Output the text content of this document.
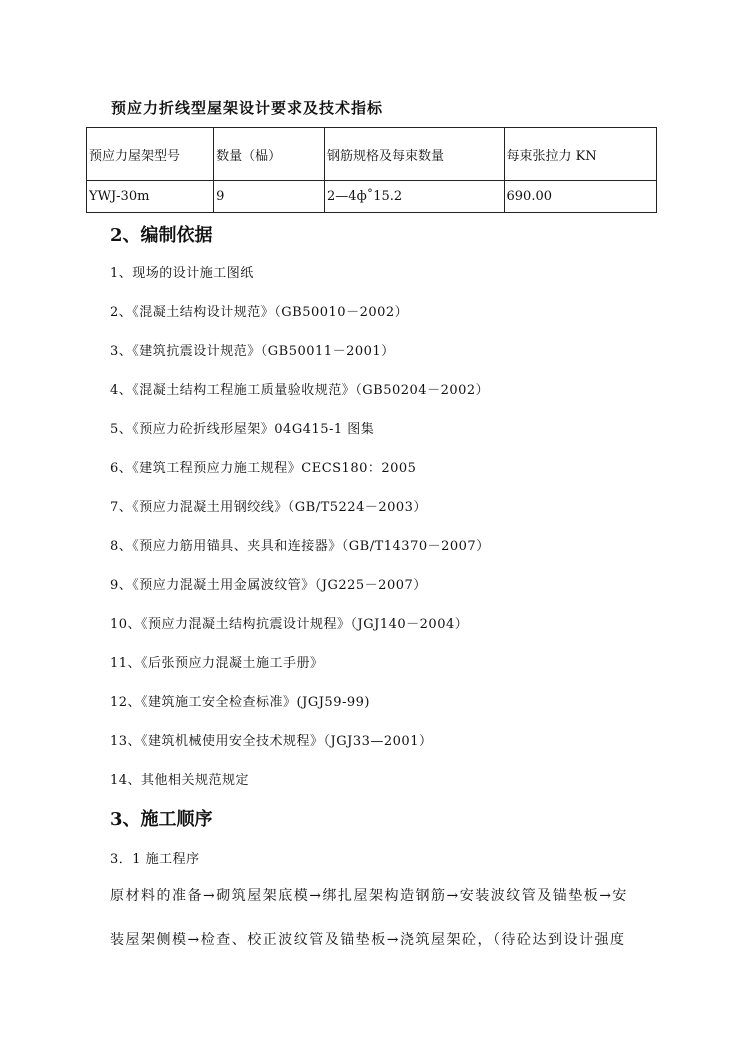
预应力折线型屋架设计要求及技术指标
预应力屋架型号	数量（榀）	钢筋规格及每束数量	每束张拉力 KN
YWJ-30m	9	2—4ф˚15.2	690.00
2、编制依据
1、现场的设计施工图纸
2、《混凝土结构设计规范》（GB50010－2002）
3、《建筑抗震设计规范》（GB50011－2001）
4、《混凝土结构工程施工质量验收规范》（GB50204－2002）
5、《预应力砼折线形屋架》04G415-1 图集
6、《建筑工程预应力施工规程》CECS180：2005
7、《预应力混凝土用钢绞线》（GB/T5224－2003）
8、《预应力筋用锚具、夹具和连接器》（GB/T14370－2007）
9、《预应力混凝土用金属波纹管》（JG225－2007）
10、《预应力混凝土结构抗震设计规程》（JGJ140－2004）
11、《后张预应力混凝土施工手册》
12、《建筑施工安全检查标准》(JGJ59-99)
13、《建筑机械使用安全技术规程》（JGJ33—2001）
14、其他相关规范规定
3、施工顺序
3．1 施工程序
原材料的准备→砌筑屋架底模→绑扎屋架构造钢筋→安装波纹管及锚垫板→安
装屋架侧模→检查、校正波纹管及锚垫板→浇筑屋架砼，（待砼达到设计强度
